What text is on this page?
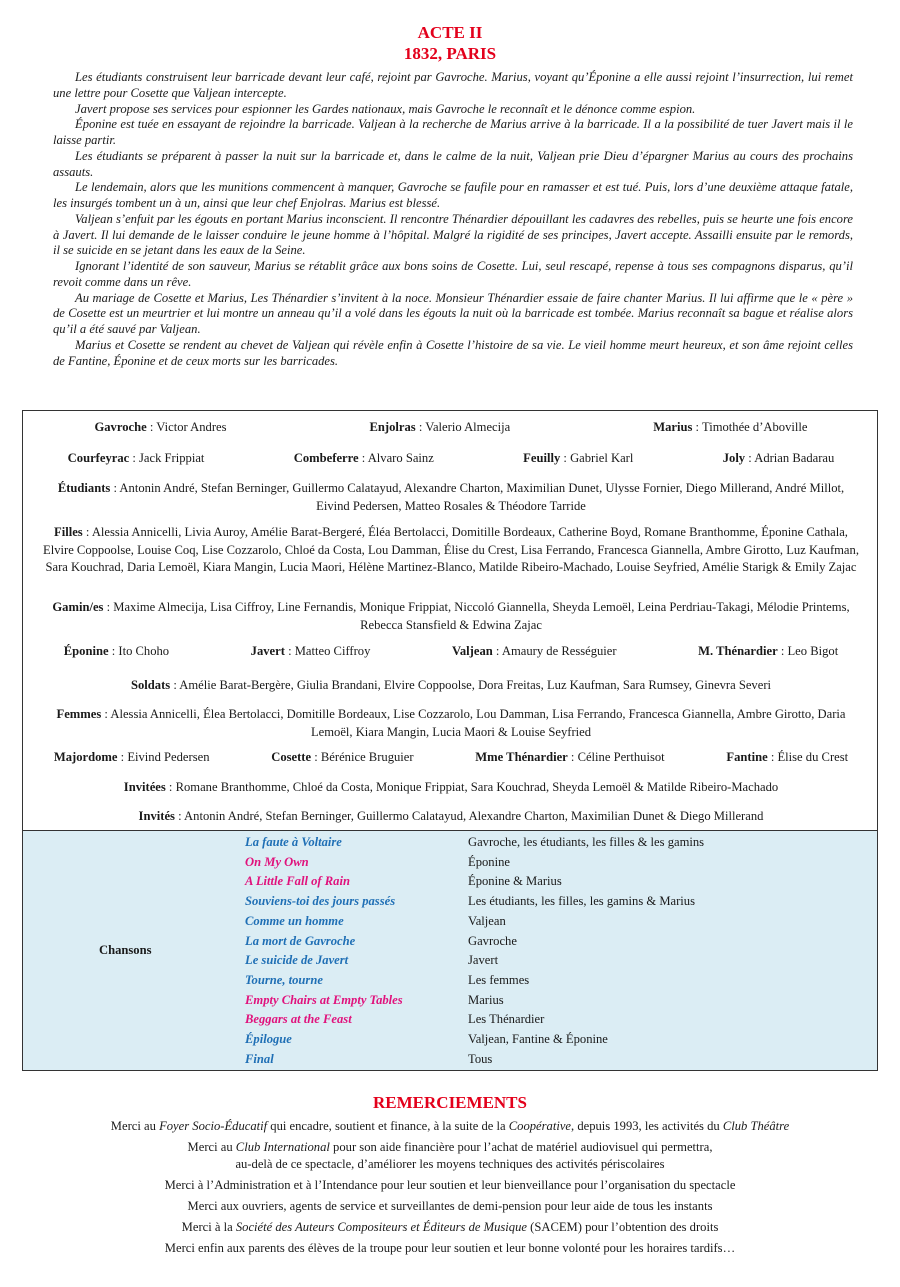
ACTE II
1832, PARIS

Les étudiants construisent leur barricade devant leur café, rejoint par Gavroche. Marius, voyant qu’Éponine a elle aussi rejoint l’insurrection, lui remet une lettre pour Cosette que Valjean intercepte.

Javert propose ses services pour espionner les Gardes nationaux, mais Gavroche le reconnaît et le dénonce comme espion.

Éponine est tuée en essayant de rejoindre la barricade. Valjean à la recherche de Marius arrive à la barricade. Il a la possibilité de tuer Javert mais il le laisse partir.

Les étudiants se préparent à passer la nuit sur la barricade et, dans le calme de la nuit, Valjean prie Dieu d’épargner Marius au cours des prochains assauts.

Le lendemain, alors que les munitions commencent à manquer, Gavroche se faufile pour en ramasser et est tué. Puis, lors d’une deuxième attaque fatale, les insurgés tombent un à un, ainsi que leur chef Enjolras. Marius est blessé.

Valjean s’enfuit par les égouts en portant Marius inconscient. Il rencontre Thénardier dépouillant les cadavres des rebelles, puis se heurte une fois encore à Javert. Il lui demande de le laisser conduire le jeune homme à l’hôpital. Malgré la rigidité de ses principes, Javert accepte. Assailli ensuite par le remords, il se suicide en se jetant dans les eaux de la Seine.

Ignorant l’identité de son sauveur, Marius se rétablit grâce aux bons soins de Cosette. Lui, seul rescapé, repense à tous ses compagnons disparus, qu’il revoit comme dans un rêve.

Au mariage de Cosette et Marius, Les Thénardier s’invitent à la noce. Monsieur Thénardier essaie de faire chanter Marius. Il lui affirme que le « père » de Cosette est un meurtrier et lui montre un anneau qu’il a volé dans les égouts la nuit où la barricade est tombée. Marius reconnaît sa bague et réalise alors qu’il a été sauvé par Valjean.

Marius et Cosette se rendent au chevet de Valjean qui révèle enfin à Cosette l’histoire de sa vie. Le vieil homme meurt heureux, et son âme rejoint celles de Fantine, Éponine et de ceux morts sur les barricades.

Gavroche : Victor Andres	Enjolras : Valerio Almecija	Marius : Timothée d’Aboville
Courfeyrac : Jack Frippiat	Combeferre : Alvaro Sainz	Feuilly : Gabriel Karl	Joly : Adrian Badarau
Étudiants : Antonin André, Stefan Berninger, Guillermo Calatayud, Alexandre Charton, Maximilian Dunet, Ulysse Fornier, Diego Millerand, André Millot, Eivind Pedersen, Matteo Rosales & Théodore Tarride
Filles : Alessia Annicelli, Livia Auroy, Amélie Barat-Bergeré, Éléa Bertolacci, Domitille Bordeaux, Catherine Boyd, Romane Branthomme, Éponine Cathala, Elvire Coppoolse, Louise Coq, Lise Cozzarolo, Chloé da Costa, Lou Damman, Élise du Crest, Lisa Ferrando, Francesca Giannella, Ambre Girotto, Luz Kaufman, Sara Kouchrad, Daria Lemoël, Kiara Mangin, Lucia Maori, Hélène Martinez-Blanco, Matilde Ribeiro-Machado, Louise Seyfried, Amélie Starigk & Emily Zajac
Gamin/es : Maxime Almecija, Lisa Ciffroy, Line Fernandis, Monique Frippiat, Niccoló Giannella, Sheyda Lemoël, Leina Perdriau-Takagi, Mélodie Printems, Rebecca Stansfield & Edwina Zajac
Éponine : Ito Choho	Javert : Matteo Ciffroy	Valjean : Amaury de Rességuier	M. Thénardier : Leo Bigot
Soldats : Amélie Barat-Bergère, Giulia Brandani, Elvire Coppoolse, Dora Freitas, Luz Kaufman, Sara Rumsey, Ginevra Severi
Femmes : Alessia Annicelli, Élea Bertolacci, Domitille Bordeaux, Lise Cozzarolo, Lou Damman, Lisa Ferrando, Francesca Giannella, Ambre Girotto, Daria Lemoël, Kiara Mangin, Lucia Maori & Louise Seyfried
Majordome : Eivind Pedersen	Cosette : Bérénice Bruguier	Mme Thénardier : Céline Perthuisot	Fantine : Élise du Crest
Invitées : Romane Branthomme, Chloé da Costa, Monique Frippiat, Sara Kouchrad, Sheyda Lemoël & Matilde Ribeiro-Machado
Invités : Antonin André, Stefan Berninger, Guillermo Calatayud, Alexandre Charton, Maximilian Dunet & Diego Millerand
Chansons
La faute à Voltaire	Gavroche, les étudiants, les filles & les gamins
On My Own	Éponine
A Little Fall of Rain	Éponine & Marius
Souviens-toi des jours passés	Les étudiants, les filles, les gamins & Marius
Comme un homme	Valjean
La mort de Gavroche	Gavroche
Le suicide de Javert	Javert
Tourne, tourne	Les femmes
Empty Chairs at Empty Tables	Marius
Beggars at the Feast	Les Thénardier
Épilogue	Valjean, Fantine & Éponine
Final	Tous
REMERCIEMENTS

Merci au Foyer Socio-Éducatif qui encadre, soutient et finance, à la suite de la Coopérative, depuis 1993, les activités du Club Théâtre

Merci au Club International pour son aide financière pour l’achat de matériel audiovisuel qui permettra,
au-delà de ce spectacle, d’améliorer les moyens techniques des activités périscolaires

Merci à l’Administration et à l’Intendance pour leur soutien et leur bienveillance pour l’organisation du spectacle

Merci aux ouvriers, agents de service et surveillantes de demi-pension pour leur aide de tous les instants

Merci à la Société des Auteurs Compositeurs et Éditeurs de Musique (SACEM) pour l’obtention des droits

Merci enfin aux parents des élèves de la troupe pour leur soutien et leur bonne volonté pour les horaires tardifs…
